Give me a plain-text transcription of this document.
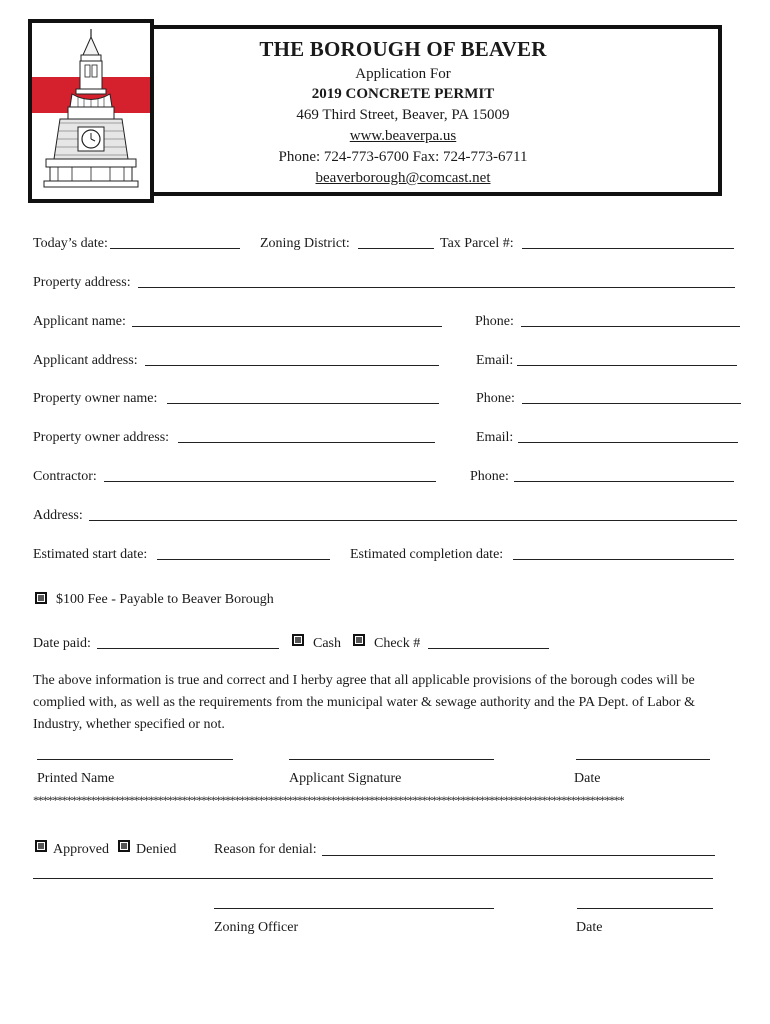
THE BOROUGH OF BEAVER
Application For
2019 CONCRETE PERMIT
469 Third Street, Beaver, PA 15009
www.beaverpa.us
Phone: 724-773-6700 Fax: 724-773-6711
beaverborough@comcast.net
Today’s date:	Zoning District:	Tax Parcel #:
Property address:
Applicant name:	Phone:
Applicant address:	Email:
Property owner name:	Phone:
Property owner address:	Email:
Contractor:	Phone:
Address:
Estimated start date:	Estimated completion date:
$100 Fee - Payable to Beaver Borough
Date paid:	Cash Check #
The above information is true and correct and I herby agree that all applicable provisions of the borough codes will be complied with, as well as the requirements from the municipal water & sewage authority and the PA Dept. of Labor & Industry, whether specified or not.
Printed Name	Applicant Signature	Date
***************************************************************************************************************************
Approved Denied	Reason for denial:
Zoning Officer	Date
